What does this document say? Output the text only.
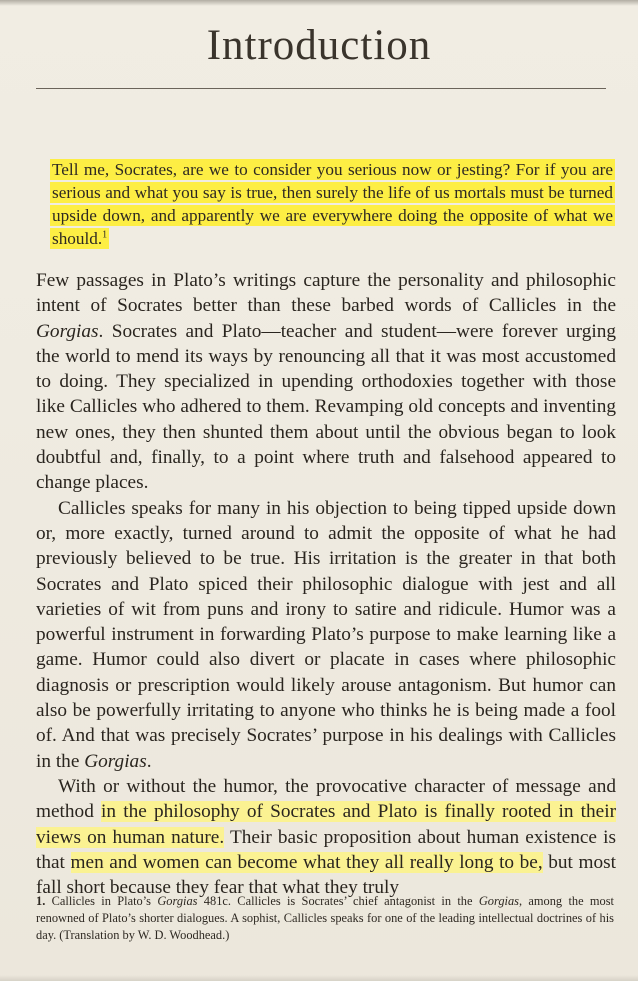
Introduction
Tell me, Socrates, are we to consider you serious now or jesting? For if you are serious and what you say is true, then surely the life of us mortals must be turned upside down, and apparently we are everywhere doing the opposite of what we should.$^1$

Few passages in Plato’s writings capture the personality and philosophic intent of Socrates better than these barbed words of Callicles in the Gorgias. Socrates and Plato—teacher and student—were forever urging the world to mend its ways by renouncing all that it was most accustomed to doing. They specialized in upending orthodoxies together with those like Callicles who adhered to them. Revamping old concepts and inventing new ones, they then shunted them about until the obvious began to look doubtful and, finally, to a point where truth and falsehood appeared to change places.

Callicles speaks for many in his objection to being tipped upside down or, more exactly, turned around to admit the opposite of what he had previously believed to be true. His irritation is the greater in that both Socrates and Plato spiced their philosophic dialogue with jest and all varieties of wit from puns and irony to satire and ridicule. Humor was a powerful instrument in forwarding Plato’s purpose to make learning like a game. Humor could also divert or placate in cases where philosophic diagnosis or prescription would likely arouse antagonism. But humor can also be powerfully irritating to anyone who thinks he is being made a fool of. And that was precisely Socrates’ purpose in his dealings with Callicles in the Gorgias.

With or without the humor, the provocative character of message and method in the philosophy of Socrates and Plato is finally rooted in their views on human nature. Their basic proposition about human existence is that men and women can become what they all really long to be, but most fall short because they fear that what they truly

1. Callicles in Plato’s Gorgias 481c. Callicles is Socrates’ chief antagonist in the Gorgias, among the most renowned of Plato’s shorter dialogues. A sophist, Callicles speaks for one of the leading intellectual doctrines of his day. (Translation by W. D. Woodhead.)
